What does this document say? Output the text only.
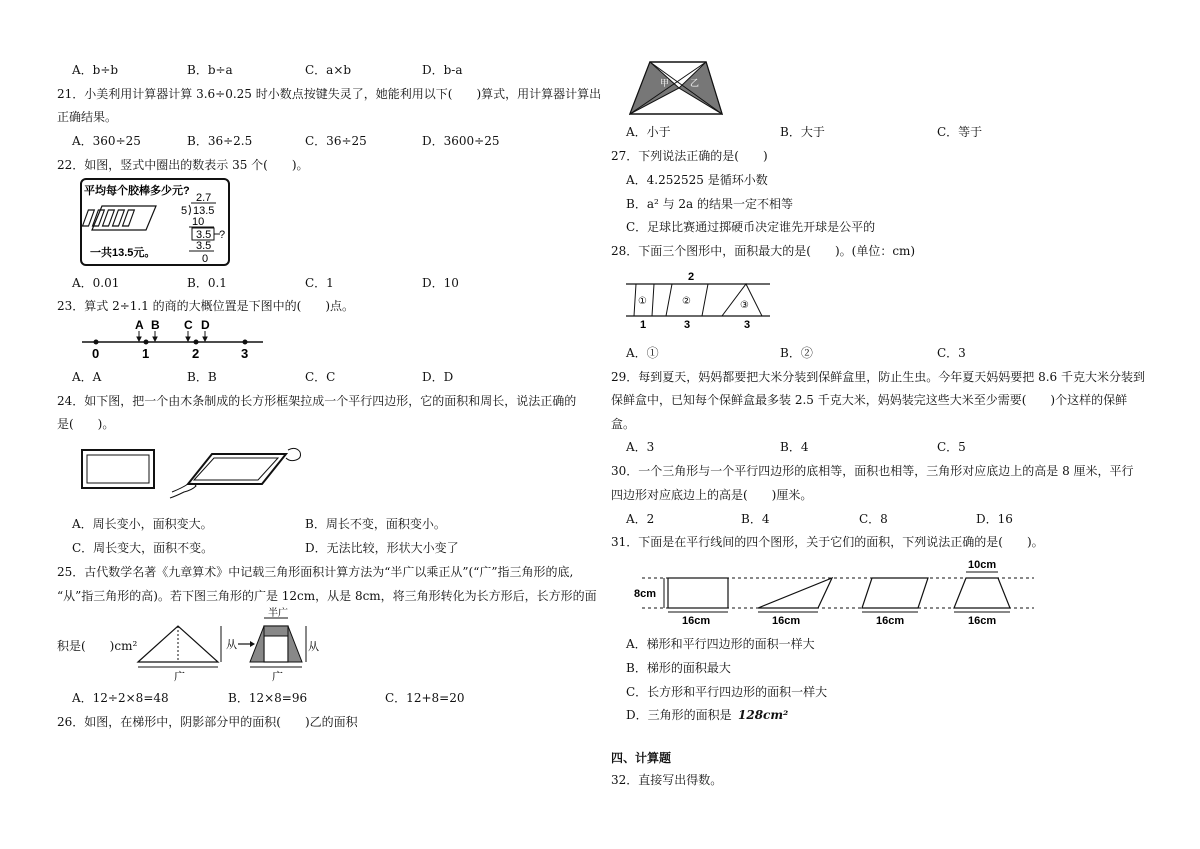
A．b÷b	B．b÷a	C．a×b	D．b-a
21．小美利用计算器计算 3.6÷0.25 时小数点按键失灵了，她能利用以下(　　)算式，用计算器计算出
正确结果。
A．360÷25	B．36÷2.5	C．36÷25	D．3600÷25
22．如图，竖式中圈出的数表示 35 个(　　)。
平均每个胶棒多少元?
一共13.5元。
2.7
5 13.5
10
3.5 ?
3.5
0
A．0.01	B．0.1	C．1	D．10
23．算式 2÷1.1 的商的大概位置是下图中的(　　)点。
0	1	2	3
A B C D
A．A	B．B	C．C	D．D
24．如下图，把一个由木条制成的长方形框架拉成一个平行四边形，它的面积和周长，说法正确的
是(　　)。
A．周长变小，面积变大。	B．周长不变，面积变小。
C．周长变大，面积不变。	D．无法比较，形状大小变了
25．古代数学名著《九章算术》中记载三角形面积计算方法为“半广以乘正从”(“广”指三角形的底,
“从”指三角形的高)。若下图三角形的广是 12cm，从是 8cm，将三角形转化为长方形后，长方形的面
积是(　　)cm²	从
广
半广
广
从
A．12÷2×8=48	B．12×8=96	C．12+8=20
26．如图，在梯形中，阴影部分甲的面积(　　)乙的面积
甲 乙
A．小于	B．大于	C．等于
27．下列说法正确的是(　　)
A．4.252525 是循环小数
B．a² 与 2a 的结果一定不相等
C．足球比赛通过掷硬币决定谁先开球是公平的
28．下面三个图形中，面积最大的是(　　)。(单位：cm)
2
①	②	③
1	3	3
A．①	B．②	C．3
29．每到夏天，妈妈都要把大米分装到保鲜盒里，防止生虫。今年夏天妈妈要把 8.6 千克大米分装到
保鲜盒中，已知每个保鲜盒最多装 2.5 千克大米，妈妈装完这些大米至少需要(　　)个这样的保鲜
盒。
A．3	B．4	C．5
30．一个三角形与一个平行四边形的底相等，面积也相等，三角形对应底边上的高是 8 厘米，平行
四边形对应底边上的高是(　　)厘米。
A．2	B．4	C．8	D．16
31．下面是在平行线间的四个图形，关于它们的面积，下列说法正确的是(　　)。
8cm
10cm
16cm	16cm	16cm	16cm
A．梯形和平行四边形的面积一样大
B．梯形的面积最大
C．长方形和平行四边形的面积一样大
D．三角形的面积是 128cm²
四、计算题
32．直接写出得数。
